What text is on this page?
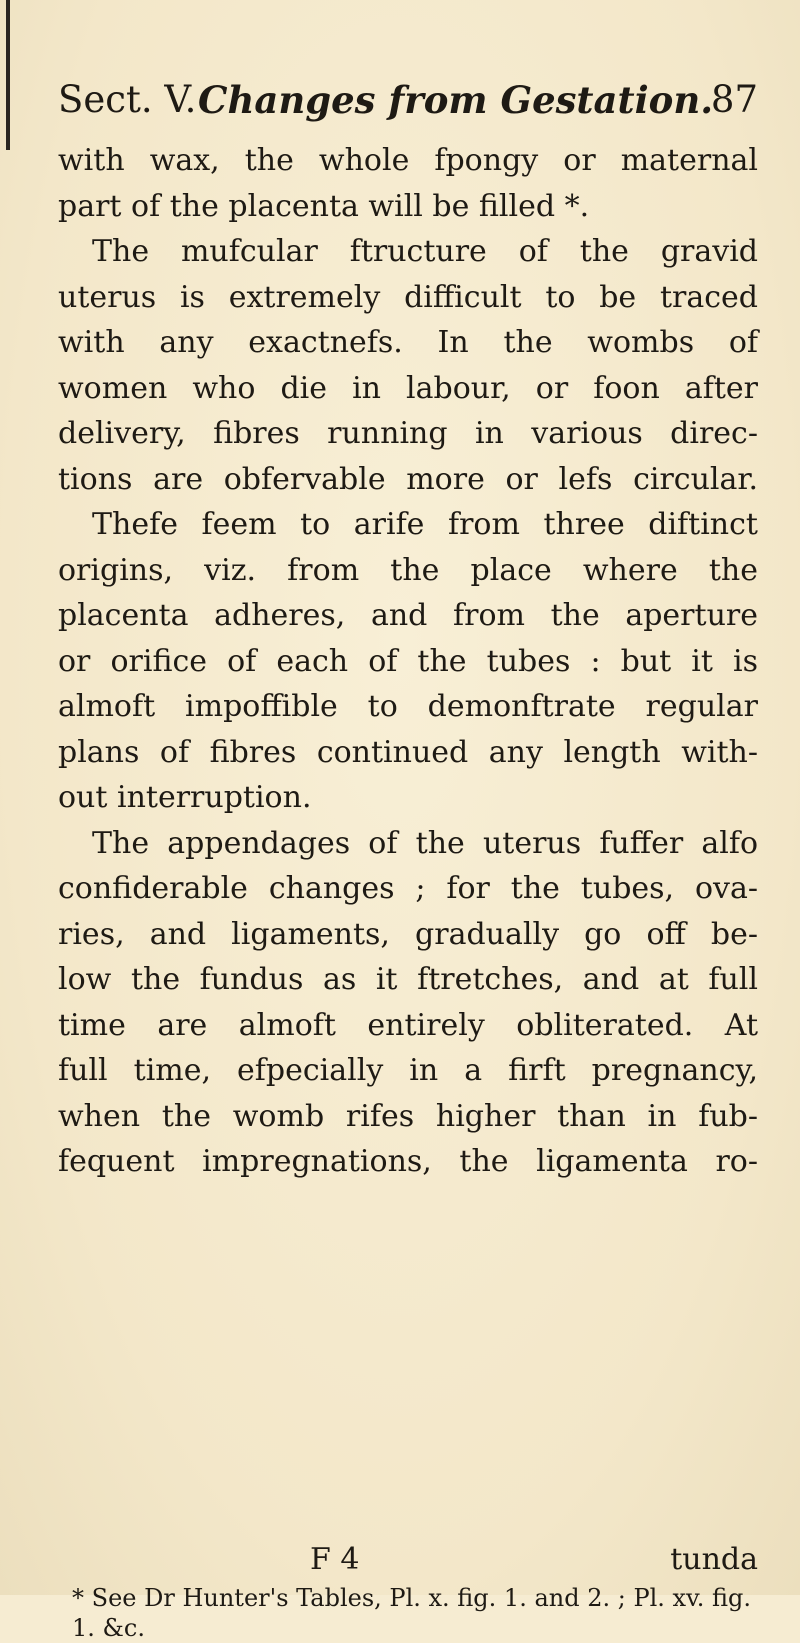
Sect. V. Changes from Gestation.
87
with wax, the whole fpongy or maternal
part of the placenta will be filled *.
The mufcular ftructure of the gravid
uterus is extremely difficult to be traced
with any exactnefs. In the wombs of
women who die in labour, or foon after
delivery, fibres running in various direc-
tions are obfervable more or lefs circular.
Thefe feem to arife from three diftinct
origins, viz. from the place where the
placenta adheres, and from the aperture
or orifice of each of the tubes : but it is
almoft impoffible to demonftrate regular
plans of fibres continued any length with-
out interruption.
The appendages of the uterus fuffer alfo
confiderable changes ; for the tubes, ova-
ries, and ligaments, gradually go off be-
low the fundus as it ftretches, and at full
time are almoft entirely obliterated. At
full time, efpecially in a firft pregnancy,
when the womb rifes higher than in fub-
fequent impregnations, the ligamenta ro-
F 4	tunda
* See Dr Hunter's Tables, Pl. x. fig. 1. and 2. ; Pl. xv. fig. 1. &c.
